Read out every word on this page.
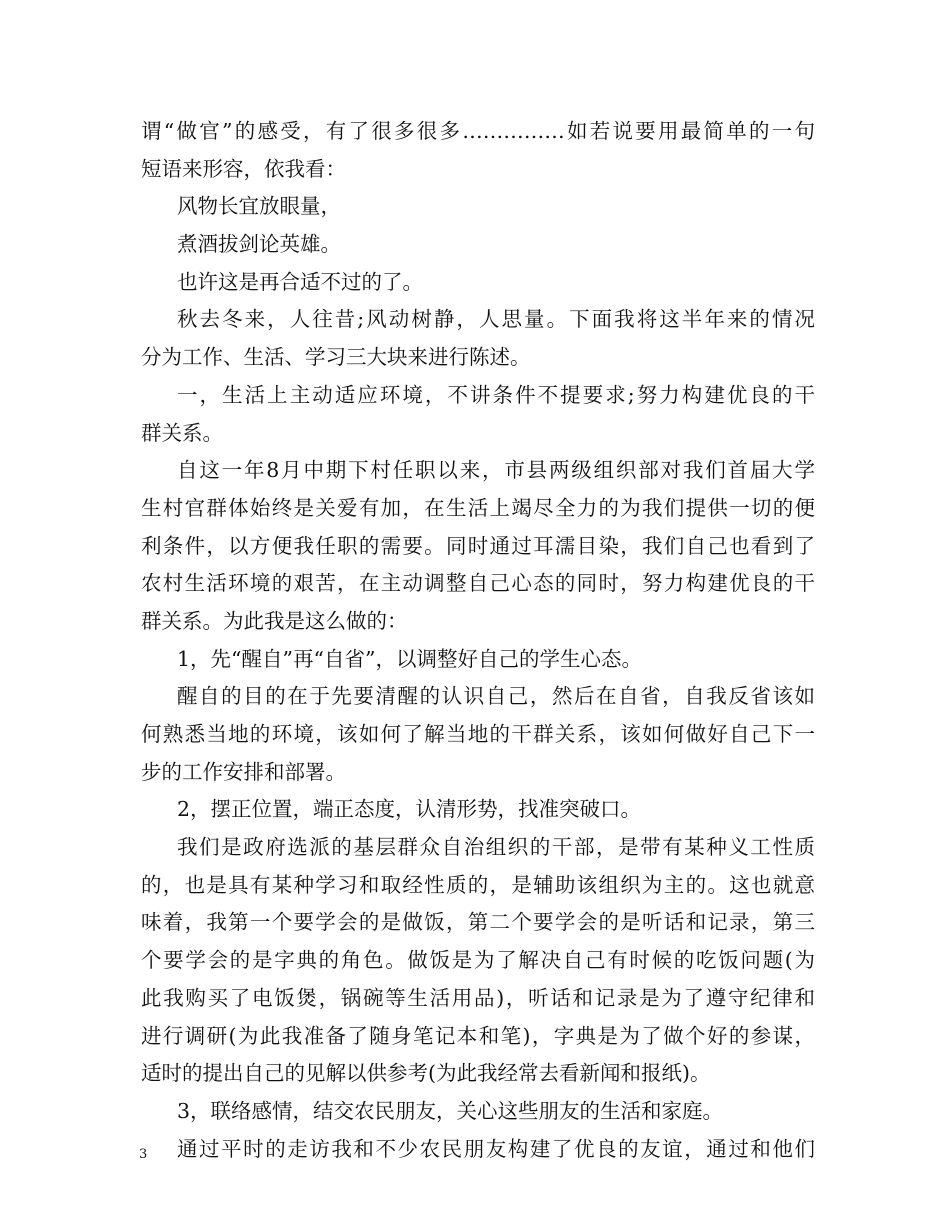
谓“做官”的感受，有了很多很多……………如若说要用最简单的一句
短语来形容，依我看：
风物长宜放眼量，
煮酒拔剑论英雄。
也许这是再合适不过的了。
秋去冬来，人往昔;风动树静，人思量。下面我将这半年来的情况
分为工作、生活、学习三大块来进行陈述。
一，生活上主动适应环境，不讲条件不提要求;努力构建优良的干
群关系。
自这一年8月中期下村任职以来，市县两级组织部对我们首届大学
生村官群体始终是关爱有加，在生活上竭尽全力的为我们提供一切的便
利条件，以方便我任职的需要。同时通过耳濡目染，我们自己也看到了
农村生活环境的艰苦，在主动调整自己心态的同时，努力构建优良的干
群关系。为此我是这么做的：
1，先“醒自”再“自省”，以调整好自己的学生心态。
醒自的目的在于先要清醒的认识自己，然后在自省，自我反省该如
何熟悉当地的环境，该如何了解当地的干群关系，该如何做好自己下一
步的工作安排和部署。
2，摆正位置，端正态度，认清形势，找准突破口。
我们是政府选派的基层群众自治组织的干部，是带有某种义工性质
的，也是具有某种学习和取经性质的，是辅助该组织为主的。这也就意
味着，我第一个要学会的是做饭，第二个要学会的是听话和记录，第三
个要学会的是字典的角色。做饭是为了解决自己有时候的吃饭问题(为
此我购买了电饭煲，锅碗等生活用品)，听话和记录是为了遵守纪律和
进行调研(为此我准备了随身笔记本和笔)，字典是为了做个好的参谋，
适时的提出自己的见解以供参考(为此我经常去看新闻和报纸)。
3，联络感情，结交农民朋友，关心这些朋友的生活和家庭。
通过平时的走访我和不少农民朋友构建了优良的友谊，通过和他们
3
